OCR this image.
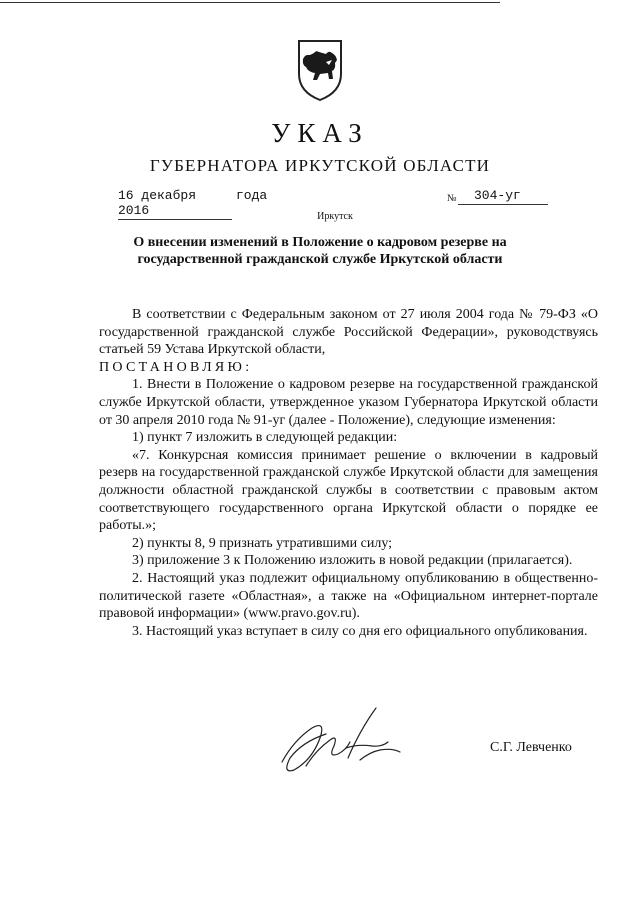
УКАЗ
ГУБЕРНАТОРА ИРКУТСКОЙ ОБЛАСТИ
16 декабря 2016
года	№	304-уг
Иркутск
О внесении изменений в Положение о кадровом резерве на
государственной гражданской службе Иркутской области

В соответствии с Федеральным законом от 27 июля 2004 года № 79-ФЗ «О государственной гражданской службе Российской Федерации», руководствуясь статьей 59 Устава Иркутской области,

ПОСТАНОВЛЯЮ:

1. Внести в Положение о кадровом резерве на государственной гражданской службе Иркутской области, утвержденное указом Губернатора Иркутской области от 30 апреля 2010 года № 91-уг (далее - Положение), следующие изменения:

1) пункт 7 изложить в следующей редакции:

«7. Конкурсная комиссия принимает решение о включении в кадровый резерв на государственной гражданской службе Иркутской области для замещения должности областной гражданской службы в соответствии с правовым актом соответствующего государственного органа Иркутской области о порядке ее работы.»;

2) пункты 8, 9 признать утратившими силу;

3) приложение 3 к Положению изложить в новой редакции (прилагается).

2. Настоящий указ подлежит официальному опубликованию в общественно-политической газете «Областная», а также на «Официальном интернет-портале правовой информации» (www.pravo.gov.ru).

3. Настоящий указ вступает в силу со дня его официального опубликования.

С.Г. Левченко
